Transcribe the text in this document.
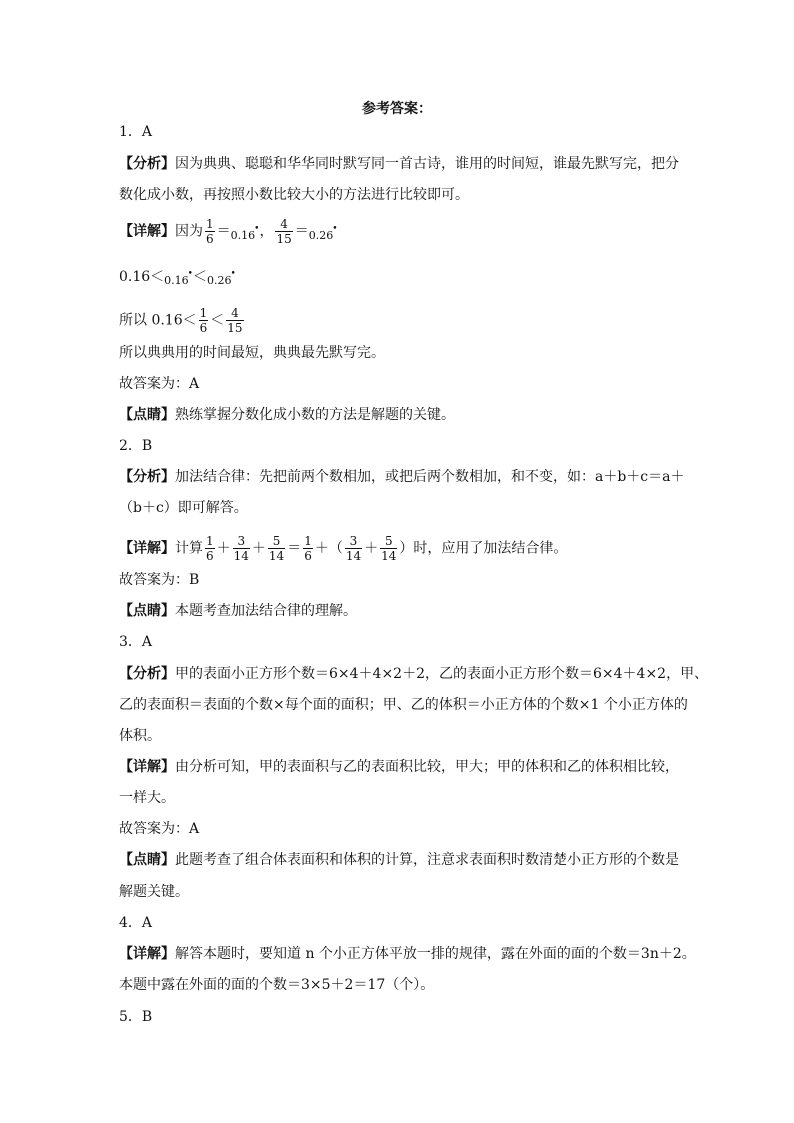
参考答案：
1．A
【分析】因为典典、聪聪和华华同时默写同一首古诗，谁用的时间短，谁最先默写完，把分
数化成小数，再按照小数比较大小的方法进行比较即可。
【详解】因为 $\frac{1}{6} =_{0.16^•}$， $\frac{4}{15} =_{0.26^•}$
$0.16<_{0.16^•}<_{0.26^•}$
所以 $0.16< \frac{1}{6} < \frac{4}{15}$
所以典典用的时间最短，典典最先默写完。
故答案为：A
【点睛】熟练掌握分数化成小数的方法是解题的关键。
2．B
【分析】加法结合律：先把前两个数相加，或把后两个数相加，和不变，如：a＋b＋c＝a＋
（b＋c）即可解答。
【详解】计算 $\frac{1}{6} + \frac{3}{14} + \frac{5}{14} = \frac{1}{6}$ ＋（ $\frac{3}{14} + \frac{5}{14}$ ）时，应用了加法结合律。
故答案为：B
【点睛】本题考查加法结合律的理解。
3．A
【分析】甲的表面小正方形个数＝6×4＋4×2＋2，乙的表面小正方形个数＝6×4＋4×2，甲、
乙的表面积＝表面的个数×每个面的面积；甲、乙的体积＝小正方体的个数×1 个小正方体的
体积。
【详解】由分析可知，甲的表面积与乙的表面积比较，甲大；甲的体积和乙的体积相比较，
一样大。
故答案为：A
【点睛】此题考查了组合体表面积和体积的计算，注意求表面积时数清楚小正方形的个数是
解题关键。
4．A
【详解】解答本题时，要知道 n 个小正方体平放一排的规律，露在外面的面的个数＝3n＋2。
本题中露在外面的面的个数＝3×5＋2＝17（个）。
5．B
